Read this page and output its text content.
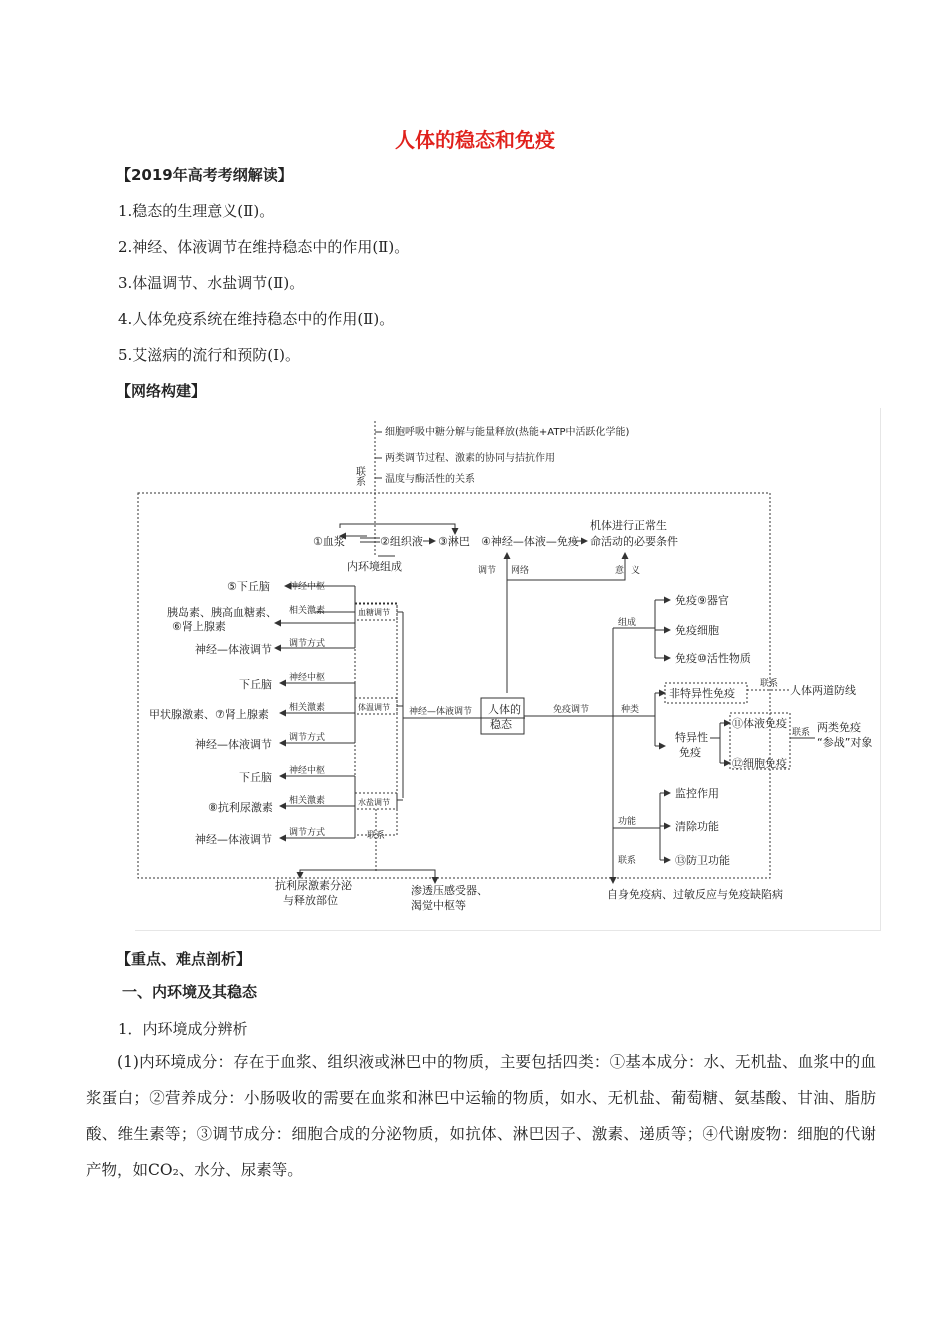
人体的稳态和免疫
【2019年高考考纲解读】
1.稳态的生理意义(Ⅱ)。
2.神经、体液调节在维持稳态中的作用(Ⅱ)。
3.体温调节、水盐调节(Ⅱ)。
4.人体免疫系统在维持稳态中的作用(Ⅱ)。
5.艾滋病的流行和预防(Ⅰ)。
【网络构建】
细胞呼吸中糖分解与能量释放(热能+ATP中活跃化学能)
两类调节过程、激素的协同与拮抗作用
温度与酶活性的关系
联系
①血浆	②组织液 ③淋巴 ④神经—体液—免疫
机体进行正常生
命活动的必要条件
内环境组成	调节 网络	意 义
血糖调节
神经中枢
相关激素
调节方式
⑤下丘脑
胰岛素、胰高血糖素、
⑥肾上腺素
神经—体液调节
体温调节
神经中枢
相关激素
调节方式
下丘脑
甲状腺激素、⑦肾上腺素
神经—体液调节
水盐调节
神经中枢
相关激素
调节方式
下丘脑
⑧抗利尿激素
神经—体液调节	联系
抗利尿激素分泌
与释放部位
渗透压感受器、
渴觉中枢等
人体的
稳态
神经—体液调节	免疫调节
组成
免疫⑨器官
免疫细胞
免疫⑩活性物质
种类
非特异性免疫
联系 人体两道防线
特异性
免疫
⑪体液免疫
⑫细胞免疫
联系 两类免疫
“参战”对象
功能
监控作用
清除功能
⑬防卫功能
联系
自身免疫病、过敏反应与免疫缺陷病
【重点、难点剖析】
一、内环境及其稳态
1．内环境成分辨析

(1)内环境成分：存在于血浆、组织液或淋巴中的物质，主要包括四类：①基本成分：水、无机盐、血浆中的血浆蛋白；②营养成分：小肠吸收的需要在血浆和淋巴中运输的物质，如水、无机盐、葡萄糖、氨基酸、甘油、脂肪酸、维生素等；③调节成分：细胞合成的分泌物质，如抗体、淋巴因子、激素、递质等；④代谢废物：细胞的代谢产物，如CO₂、水分、尿素等。
